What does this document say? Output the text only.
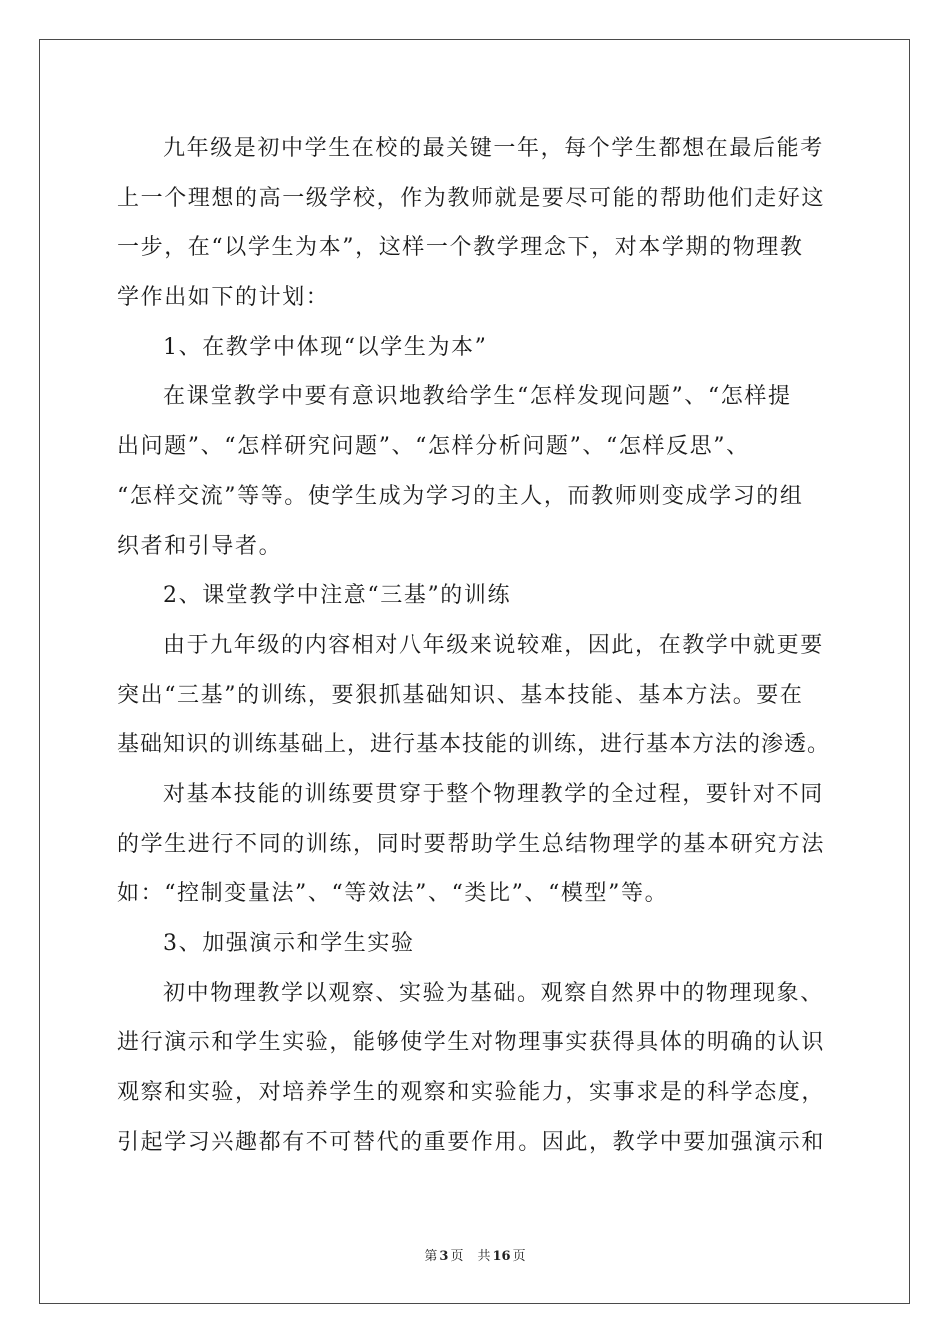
九年级是初中学生在校的最关键一年，每个学生都想在最后能考
上一个理想的高一级学校，作为教师就是要尽可能的帮助他们走好这
一步，在“以学生为本”，这样一个教学理念下，对本学期的物理教
学作出如下的计划：
1、在教学中体现“以学生为本”
在课堂教学中要有意识地教给学生“怎样发现问题”、“怎样提
出问题”、“怎样研究问题”、“怎样分析问题”、“怎样反思”、
“怎样交流”等等。使学生成为学习的主人，而教师则变成学习的组
织者和引导者。
2、课堂教学中注意“三基”的训练
由于九年级的内容相对八年级来说较难，因此，在教学中就更要
突出“三基”的训练，要狠抓基础知识、基本技能、基本方法。要在
基础知识的训练基础上，进行基本技能的训练，进行基本方法的渗透。
对基本技能的训练要贯穿于整个物理教学的全过程，要针对不同
的学生进行不同的训练，同时要帮助学生总结物理学的基本研究方法
如：“控制变量法”、“等效法”、“类比”、“模型”等。
3、加强演示和学生实验
初中物理教学以观察、实验为基础。观察自然界中的物理现象、
进行演示和学生实验，能够使学生对物理事实获得具体的明确的认识
观察和实验，对培养学生的观察和实验能力，实事求是的科学态度，
引起学习兴趣都有不可替代的重要作用。因此，教学中要加强演示和
第 3 页 共 16 页
